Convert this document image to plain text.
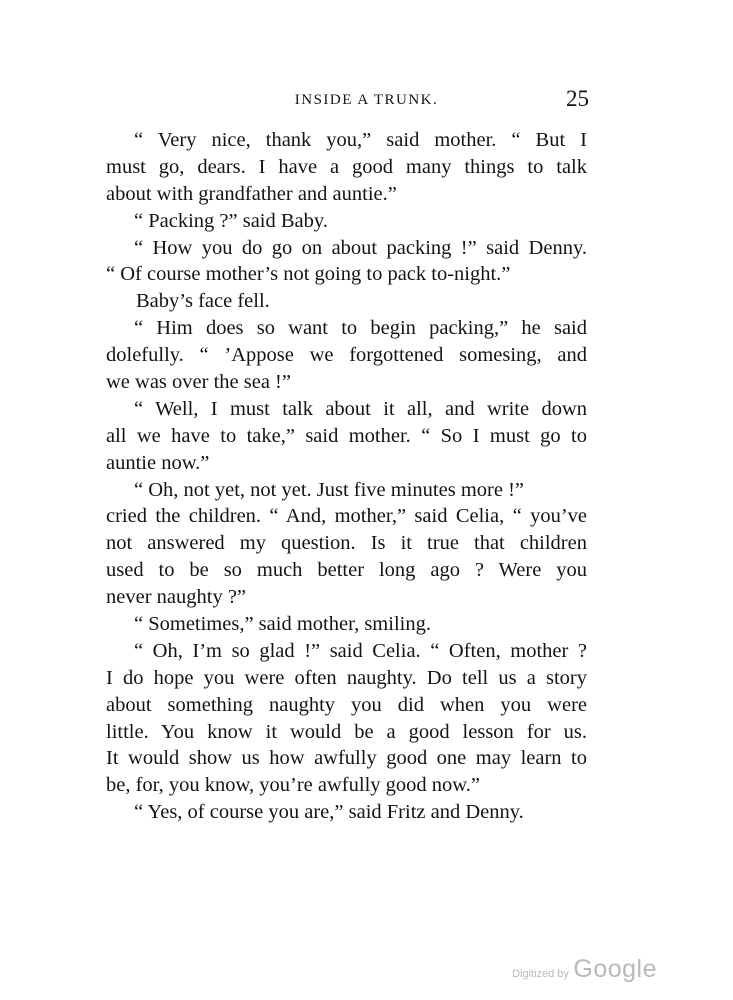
INSIDE A TRUNK.	25
“ Very nice, thank you,” said mother. “ But I
must go, dears. I have a good many things to talk
about with grandfather and auntie.”
“ Packing ?” said Baby.
“ How you do go on about packing !” said Denny.
“ Of course mother’s not going to pack to-night.”
Baby’s face fell.
“ Him does so want to begin packing,” he said
dolefully. “ ’Appose we forgottened somesing, and
we was over the sea !”
“ Well, I must talk about it all, and write down
all we have to take,” said mother. “ So I must go to
auntie now.”
“ Oh, not yet, not yet. Just five minutes more !”
cried the children. “ And, mother,” said Celia, “ you’ve
not answered my question. Is it true that children
used to be so much better long ago ? Were you
never naughty ?”
“ Sometimes,” said mother, smiling.
“ Oh, I’m so glad !” said Celia. “ Often, mother ?
I do hope you were often naughty. Do tell us a story
about something naughty you did when you were
little. You know it would be a good lesson for us.
It would show us how awfully good one may learn to
be, for, you know, you’re awfully good now.”
“ Yes, of course you are,” said Fritz and Denny.
Digitized by Google
